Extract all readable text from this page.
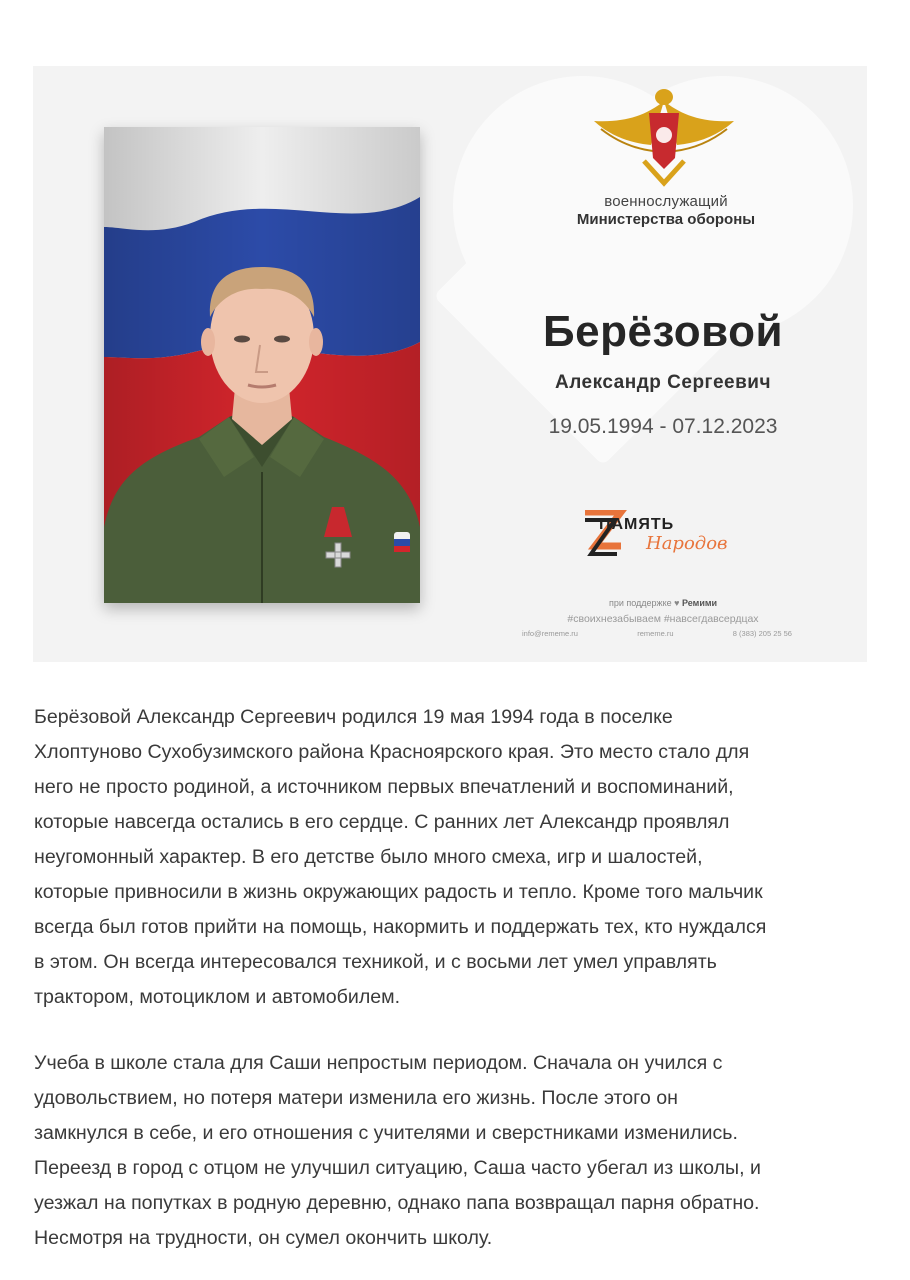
военнослужащий
Министерства обороны
Берёзовой
Александр Сергеевич
19.05.1994 - 07.12.2023
ПАМЯТЬ
Народов
при поддержке ♥ Ремими
#своихнезабываем #навсегдавсердцах
info@rememe.ru	rememe.ru	8 (383) 205 25 56
Берёзовой Александр Сергеевич родился 19 мая 1994 года в поселке
Хлоптуново Сухобузимского района Красноярского края. Это место стало для
него не просто родиной, а источником первых впечатлений и воспоминаний,
которые навсегда остались в его сердце. С ранних лет Александр проявлял
неугомонный характер. В его детстве было много смеха, игр и шалостей,
которые привносили в жизнь окружающих радость и тепло. Кроме того мальчик
всегда был готов прийти на помощь, накормить и поддержать тех, кто нуждался
в этом. Он всегда интересовался техникой, и с восьми лет умел управлять
трактором, мотоциклом и автомобилем.
Учеба в школе стала для Саши непростым периодом. Сначала он учился с
удовольствием, но потеря матери изменила его жизнь. После этого он
замкнулся в себе, и его отношения с учителями и сверстниками изменились.
Переезд в город с отцом не улучшил ситуацию, Саша часто убегал из школы, и
уезжал на попутках в родную деревню, однако папа возвращал парня обратно.
Несмотря на трудности, он сумел окончить школу.
